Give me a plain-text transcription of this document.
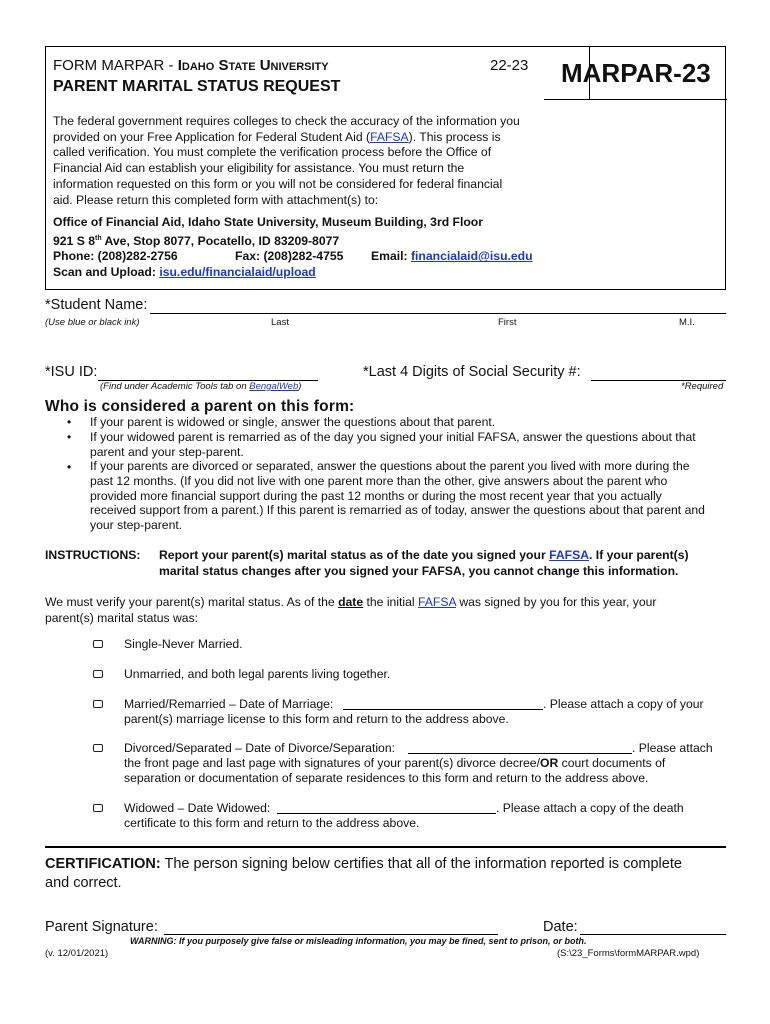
FORM MARPAR - Idaho State University	22-23 MARPAR-23
PARENT MARITAL STATUS REQUEST
The federal government requires colleges to check the accuracy of the information you
provided on your Free Application for Federal Student Aid (FAFSA). This process is
called verification. You must complete the verification process before the Office of
Financial Aid can establish your eligibility for assistance. You must return the
information requested on this form or you will not be considered for federal financial
aid. Please return this completed form with attachment(s) to:
Office of Financial Aid, Idaho State University, Museum Building, 3rd Floor
921 S 8th Ave, Stop 8077, Pocatello, ID 83209-8077
Phone: (208)282-2756	Fax: (208)282-4755 Email: financialaid@isu.edu
Scan and Upload: isu.edu/financialaid/upload
*Student Name:
(Use blue or black ink)	Last	First	M.I.
*ISU ID:
(Find under Academic Tools tab on BengalWeb)
*Last 4 Digits of Social Security #:
*Required
Who is considered a parent on this form:
• If your parent is widowed or single, answer the questions about that parent.
• If your widowed parent is remarried as of the day you signed your initial FAFSA, answer the questions about that
parent and your step-parent.
• If your parents are divorced or separated, answer the questions about the parent you lived with more during the
past 12 months. (If you did not live with one parent more than the other, give answers about the parent who
provided more financial support during the past 12 months or during the most recent year that you actually
received support from a parent.) If this parent is remarried as of today, answer the questions about that parent and
your step-parent.
INSTRUCTIONS: Report your parent(s) marital status as of the date you signed your FAFSA. If your parent(s)
marital status changes after you signed your FAFSA, you cannot change this information.
We must verify your parent(s) marital status. As of the date the initial FAFSA was signed by you for this year, your
parent(s) marital status was:
Single-Never Married.
Unmarried, and both legal parents living together.
Married/Remarried – Date of Marriage:	. Please attach a copy of your
parent(s) marriage license to this form and return to the address above.
Divorced/Separated – Date of Divorce/Separation:	. Please attach
the front page and last page with signatures of your parent(s) divorce decree/OR court documents of
separation or documentation of separate residences to this form and return to the address above.
Widowed – Date Widowed:	. Please attach a copy of the death
certificate to this form and return to the address above.
CERTIFICATION: The person signing below certifies that all of the information reported is complete
and correct.
Parent Signature:	Date:
WARNING: If you purposely give false or misleading information, you may be fined, sent to prison, or both.
(v. 12/01/2021)	(S:\23_Forms\formMARPAR.wpd)
